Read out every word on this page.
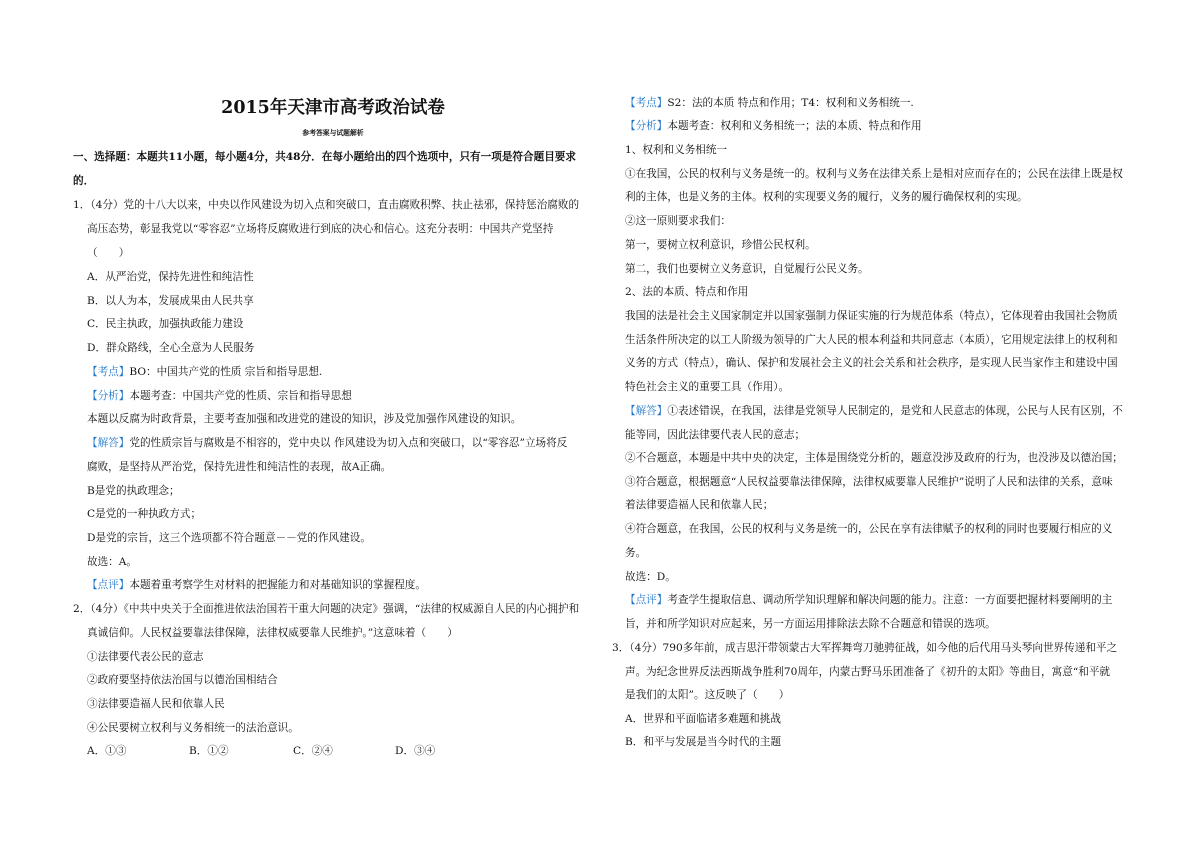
2015年天津市高考政治试卷
参考答案与试题解析
一、选择题：本题共11小题，每小题4分，共48分．在每小题给出的四个选项中，只有一项是符合题目要求
的．
1．（4分）党的十八大以来，中央以作风建设为切入点和突破口，直击腐败积弊、扶止祛邪，保持惩治腐败的
高压态势，彰显我党以“零容忍”立场将反腐败进行到底的决心和信心。这充分表明：中国共产党坚持
（　　）
A．从严治党，保持先进性和纯洁性
B．以人为本，发展成果由人民共享
C．民主执政，加强执政能力建设
D．群众路线，全心全意为人民服务
【考点】BO：中国共产党的性质 宗旨和指导思想.
【分析】本题考查：中国共产党的性质、宗旨和指导思想
本题以反腐为时政背景，主要考查加强和改进党的建设的知识，涉及党加强作风建设的知识。
【解答】党的性质宗旨与腐败是不相容的，党中央以 作风建设为切入点和突破口，以“零容忍”立场将反
腐败，是坚持从严治党，保持先进性和纯洁性的表现，故A正确。
B是党的执政理念；
C是党的一种执政方式；
D是党的宗旨，这三个选项都不符合题意－－党的作风建设。
故选：A。
【点评】本题着重考察学生对材料的把握能力和对基础知识的掌握程度。
2．（4分）《中共中央关于全面推进依法治国若干重大问题的决定》强调，“法律的权威源自人民的内心拥护和
真诚信仰。人民权益要靠法律保障，法律权威要靠人民维护。”这意味着（　　）
①法律要代表公民的意志
②政府要坚持依法治国与以德治国相结合
③法律要造福人民和依靠人民
④公民要树立权利与义务相统一的法治意识。
A．①③	B．①②	C．②④	D．③④
【考点】S2：法的本质 特点和作用；T4：权利和义务相统一.
【分析】本题考查：权利和义务相统一；法的本质、特点和作用
1、权利和义务相统一
①在我国，公民的权利与义务是统一的。权利与义务在法律关系上是相对应而存在的；公民在法律上既是权
利的主体，也是义务的主体。权利的实现要义务的履行，义务的履行确保权利的实现。
②这一原则要求我们：
第一，要树立权利意识，珍惜公民权利。
第二，我们也要树立义务意识，自觉履行公民义务。
2、法的本质、特点和作用
我国的法是社会主义国家制定并以国家强制力保证实施的行为规范体系（特点），它体现着由我国社会物质
生活条件所决定的以工人阶级为领导的广大人民的根本利益和共同意志（本质），它用规定法律上的权利和
义务的方式（特点），确认、保护和发展社会主义的社会关系和社会秩序，是实现人民当家作主和建设中国
特色社会主义的重要工具（作用）。
【解答】①表述错误，在我国，法律是党领导人民制定的，是党和人民意志的体现，公民与人民有区别，不
能等同，因此法律要代表人民的意志；
②不合题意，本题是中共中央的决定，主体是围绕党分析的，题意没涉及政府的行为，也没涉及以德治国；
③符合题意，根据题意“人民权益要靠法律保障，法律权威要靠人民维护”说明了人民和法律的关系，意味
着法律要造福人民和依靠人民；
④符合题意，在我国，公民的权利与义务是统一的，公民在享有法律赋予的权利的同时也要履行相应的义
务。
故选：D。
【点评】考查学生提取信息、调动所学知识理解和解决问题的能力。注意：一方面要把握材料要阐明的主
旨，并和所学知识对应起来，另一方面运用排除法去除不合题意和错误的选项。
3．（4分）790多年前，成吉思汗带领蒙古大军挥舞弯刀驰骋征战，如今他的后代用马头琴向世界传递和平之
声。为纪念世界反法西斯战争胜利70周年，内蒙古野马乐团准备了《初升的太阳》等曲目，寓意“和平就
是我们的太阳”。这反映了（　　）
A．世界和平面临诸多难题和挑战
B．和平与发展是当今时代的主题
